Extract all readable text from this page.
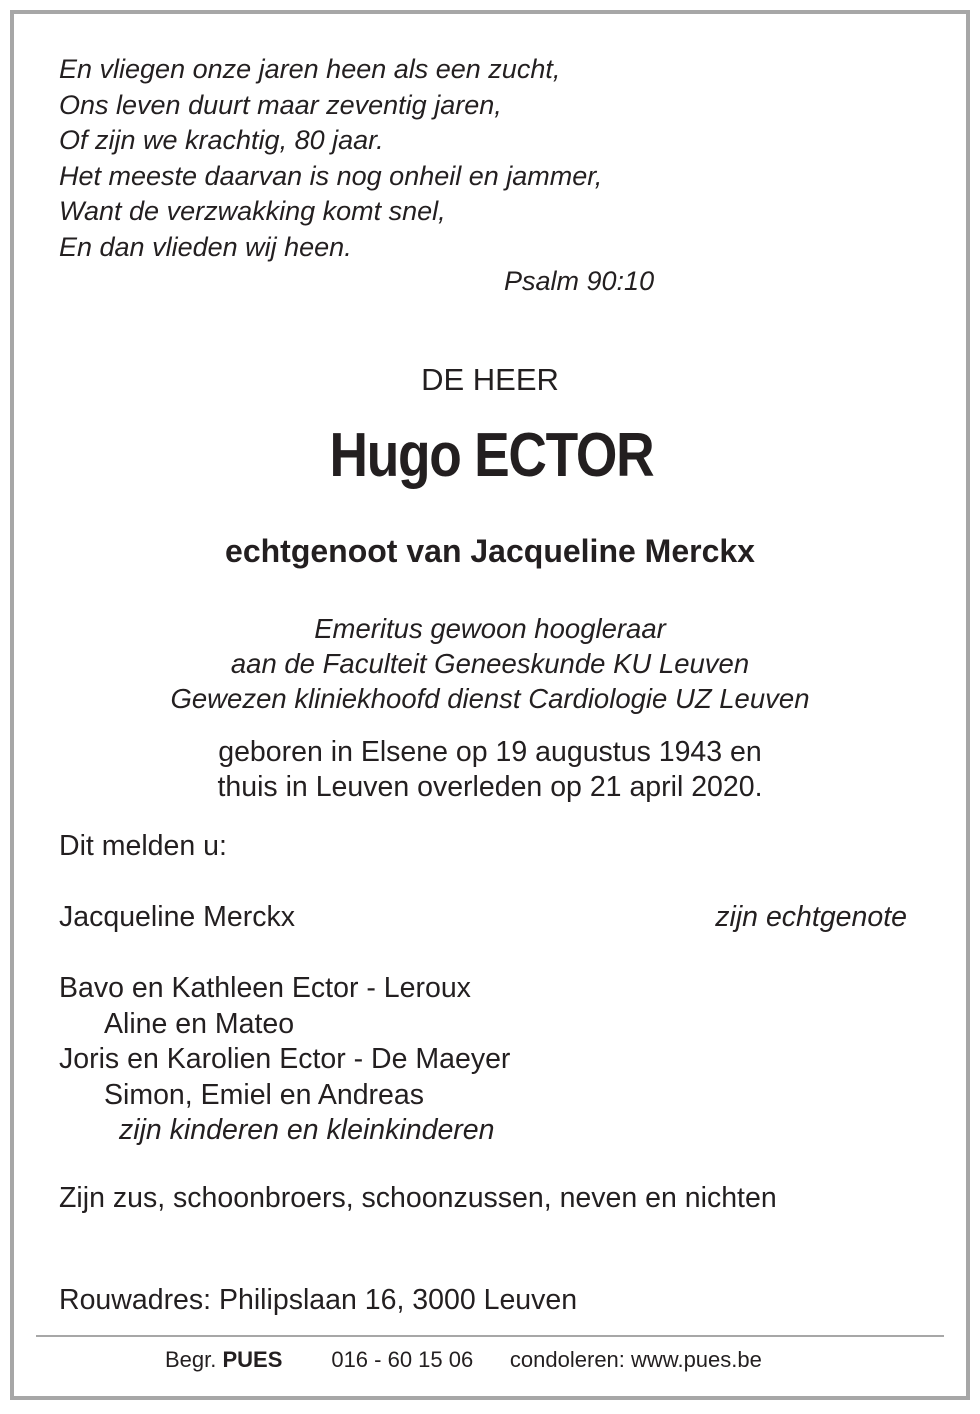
En vliegen onze jaren heen als een zucht,
Ons leven duurt maar zeventig jaren,
Of zijn we krachtig, 80 jaar.
Het meeste daarvan is nog onheil en jammer,
Want de verzwakking komt snel,
En dan vlieden wij heen.
Psalm 90:10
DE HEER
Hugo ECTOR
echtgenoot van Jacqueline Merckx
Emeritus gewoon hoogleraar
aan de Faculteit Geneeskunde KU Leuven
Gewezen kliniekhoofd dienst Cardiologie UZ Leuven
geboren in Elsene op 19 augustus 1943 en
thuis in Leuven overleden op 21 april 2020.
Dit melden u:
Jacqueline Merckx	zijn echtgenote
Bavo en Kathleen Ector - Leroux
Aline en Mateo
Joris en Karolien Ector - De Maeyer
Simon, Emiel en Andreas
zijn kinderen en kleinkinderen
Zijn zus, schoonbroers, schoonzussen, neven en nichten
Rouwadres: Philipslaan 16, 3000 Leuven
Begr. PUES 016 - 60 15 06 condoleren: www.pues.be
